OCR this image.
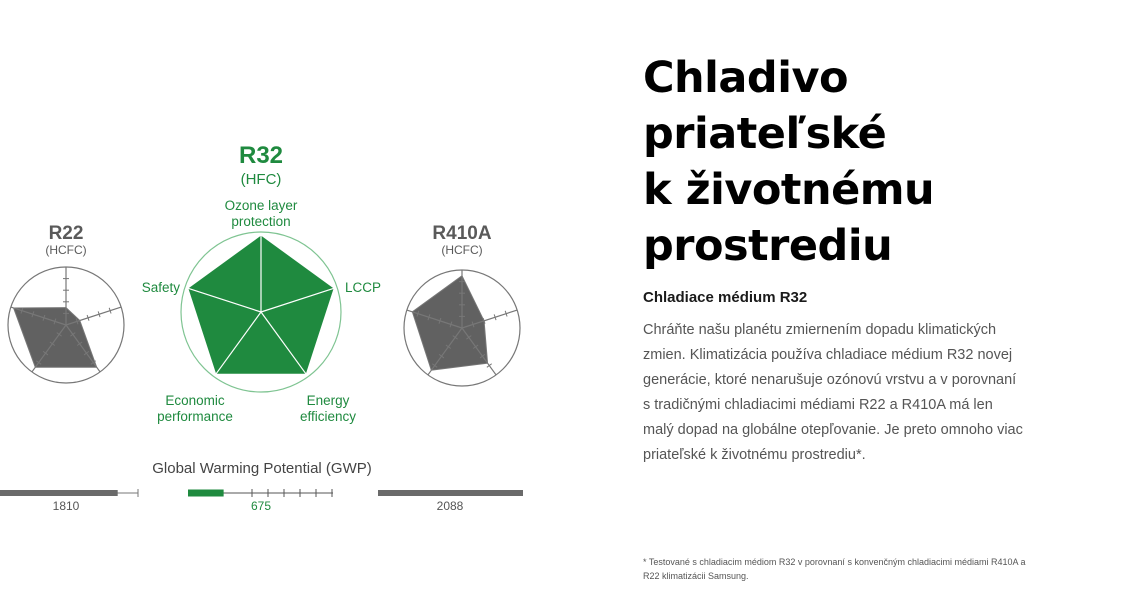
R22
(HCFC)
R410A
(HCFC)
R32
(HFC)
Ozone layer
protection
LCCP
Energy
efficiency
Economic
performance
Safety
Global Warming Potential (GWP)
1810	675	2088
Chladivo
priateľské
k životnému
prostrediu

Chladiace médium R32

Chráňte našu planétu zmiernením dopadu klimatických zmien. Klimatizácia používa chladiace médium R32 novej generácie, ktoré nenarušuje ozónovú vrstvu a v porovnaní s tradičnými chladiacimi médiami R22 a R410A má len malý dopad na globálne otepľovanie. Je preto omnoho viac priateľské k životnému prostrediu*.

* Testované s chladiacim médiom R32 v porovnaní s konvenčným chladiacimi médiami R410A a R22 klimatizácii Samsung.
